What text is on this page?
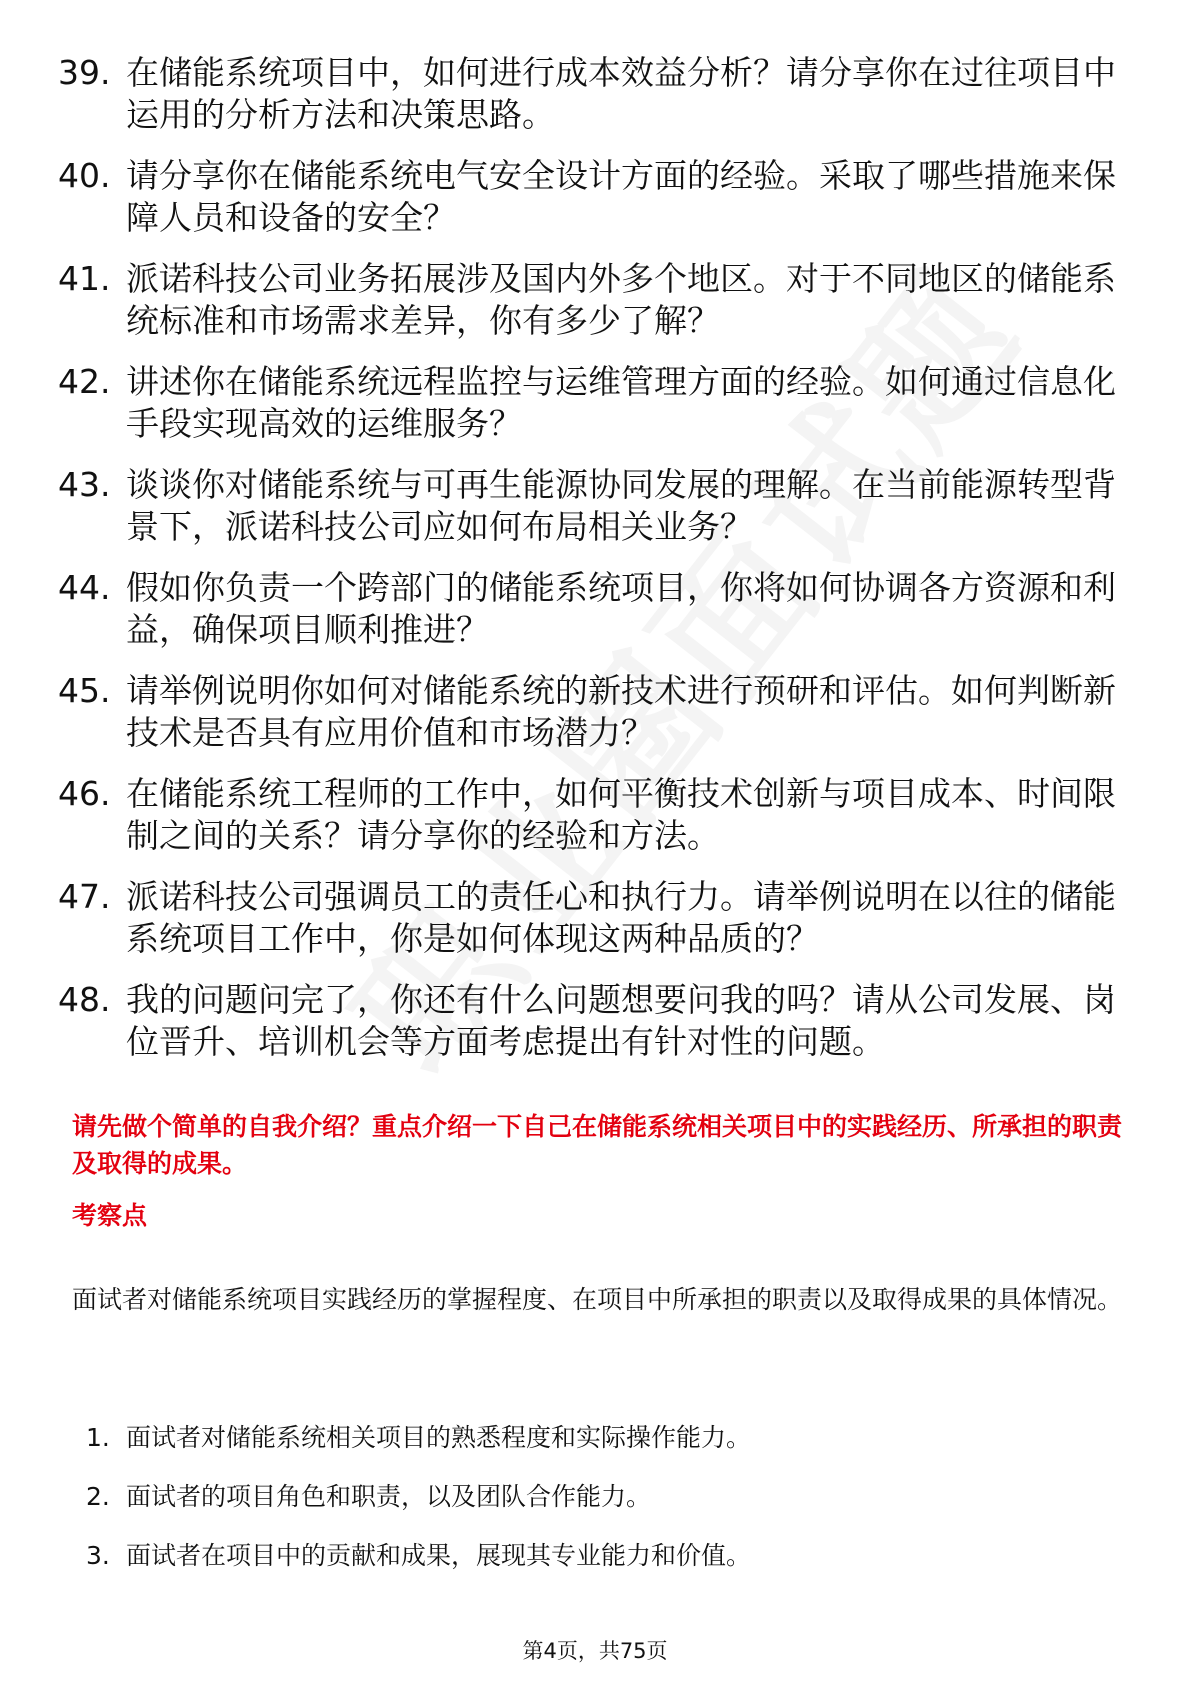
39. 在储能系统项目中，如何进行成本效益分析？请分享你在过往项目中运用的分析方法和决策思路。
40. 请分享你在储能系统电气安全设计方面的经验。采取了哪些措施来保障人员和设备的安全？
41. 派诺科技公司业务拓展涉及国内外多个地区。对于不同地区的储能系统标准和市场需求差异，你有多少了解？
42. 讲述你在储能系统远程监控与运维管理方面的经验。如何通过信息化手段实现高效的运维服务？
43. 谈谈你对储能系统与可再生能源协同发展的理解。在当前能源转型背景下，派诺科技公司应如何布局相关业务？
44. 假如你负责一个跨部门的储能系统项目，你将如何协调各方资源和利益，确保项目顺利推进？
45. 请举例说明你如何对储能系统的新技术进行预研和评估。如何判断新技术是否具有应用价值和市场潜力？
46. 在储能系统工程师的工作中，如何平衡技术创新与项目成本、时间限制之间的关系？请分享你的经验和方法。
47. 派诺科技公司强调员工的责任心和执行力。请举例说明在以往的储能系统项目工作中，你是如何体现这两种品质的？
48. 我的问题问完了，你还有什么问题想要问我的吗？请从公司发展、岗位晋升、培训机会等方面考虑提出有针对性的问题。
请先做个简单的自我介绍？重点介绍一下自己在储能系统相关项目中的实践经历、所承担的职责及取得的成果。
考察点
面试者对储能系统项目实践经历的掌握程度、在项目中所承担的职责以及取得成果的具体情况。
1. 面试者对储能系统相关项目的熟悉程度和实际操作能力。
2. 面试者的项目角色和职责，以及团队合作能力。
3. 面试者在项目中的贡献和成果，展现其专业能力和价值。
第4页，共75页
